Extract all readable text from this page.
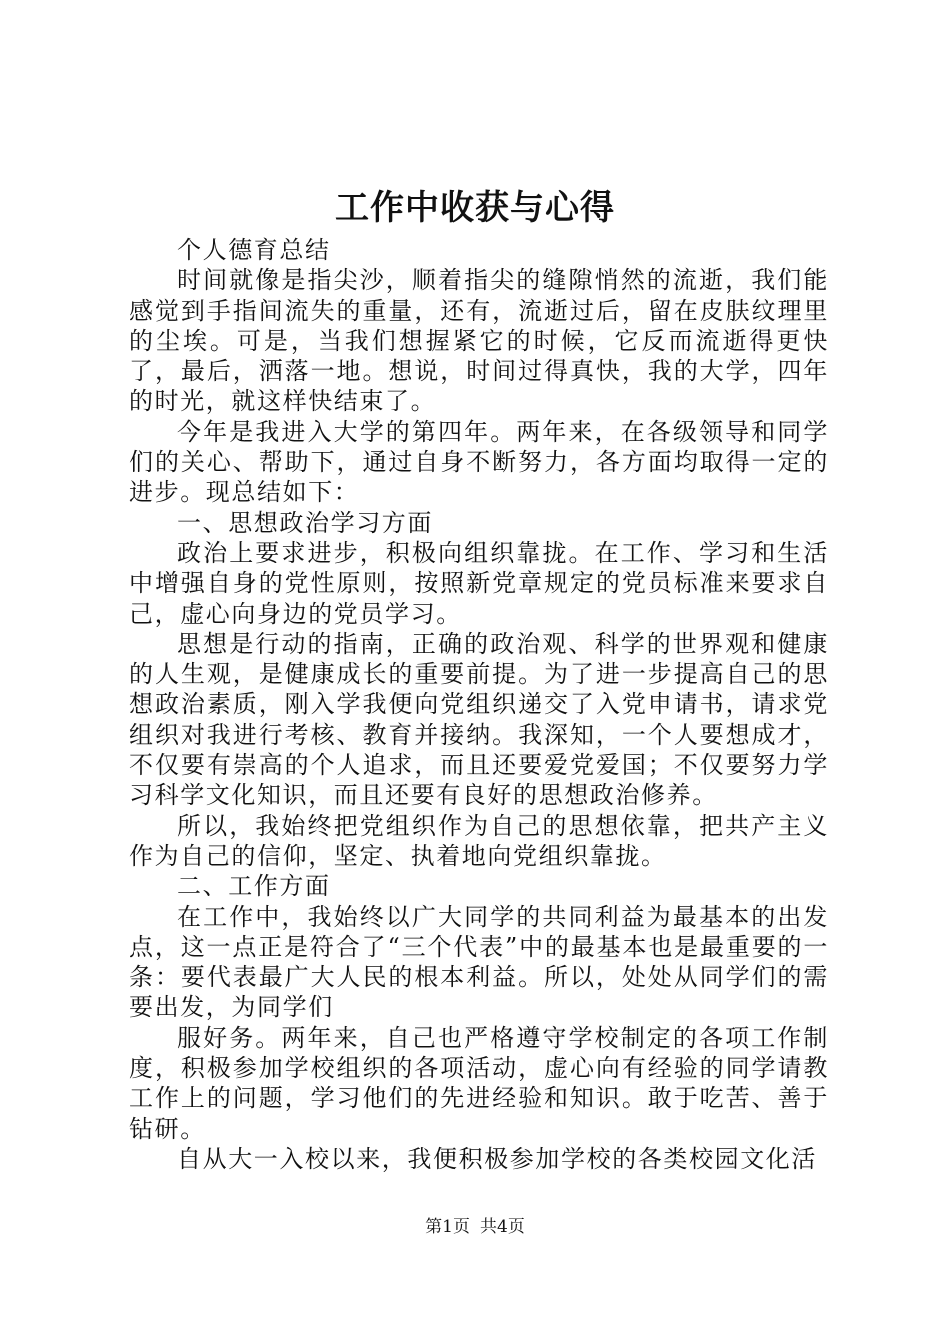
工作中收获与心得

个人德育总结

时间就像是指尖沙，顺着指尖的缝隙悄然的流逝，我们能感觉到手指间流失的重量，还有，流逝过后，留在皮肤纹理里的尘埃。可是，当我们想握紧它的时候，它反而流逝得更快了，最后，洒落一地。想说，时间过得真快，我的大学，四年的时光，就这样快结束了。

今年是我进入大学的第四年。两年来，在各级领导和同学们的关心、帮助下，通过自身不断努力，各方面均取得一定的进步。现总结如下：

一、思想政治学习方面

政治上要求进步，积极向组织靠拢。在工作、学习和生活中增强自身的党性原则，按照新党章规定的党员标准来要求自己，虚心向身边的党员学习。

思想是行动的指南，正确的政治观、科学的世界观和健康的人生观，是健康成长的重要前提。为了进一步提高自己的思想政治素质，刚入学我便向党组织递交了入党申请书，请求党组织对我进行考核、教育并接纳。我深知，一个人要想成才，不仅要有崇高的个人追求，而且还要爱党爱国；不仅要努力学习科学文化知识，而且还要有良好的思想政治修养。

所以，我始终把党组织作为自己的思想依靠，把共产主义作为自己的信仰，坚定、执着地向党组织靠拢。

二、工作方面

在工作中，我始终以广大同学的共同利益为最基本的出发点，这一点正是符合了“三个代表”中的最基本也是最重要的一条：要代表最广大人民的根本利益。所以，处处从同学们的需要出发，为同学们

服好务。两年来，自己也严格遵守学校制定的各项工作制度，积极参加学校组织的各项活动，虚心向有经验的同学请教工作上的问题，学习他们的先进经验和知识。敢于吃苦、善于钻研。

自从大一入校以来，我便积极参加学校的各类校园文化活

第1页 共4页
